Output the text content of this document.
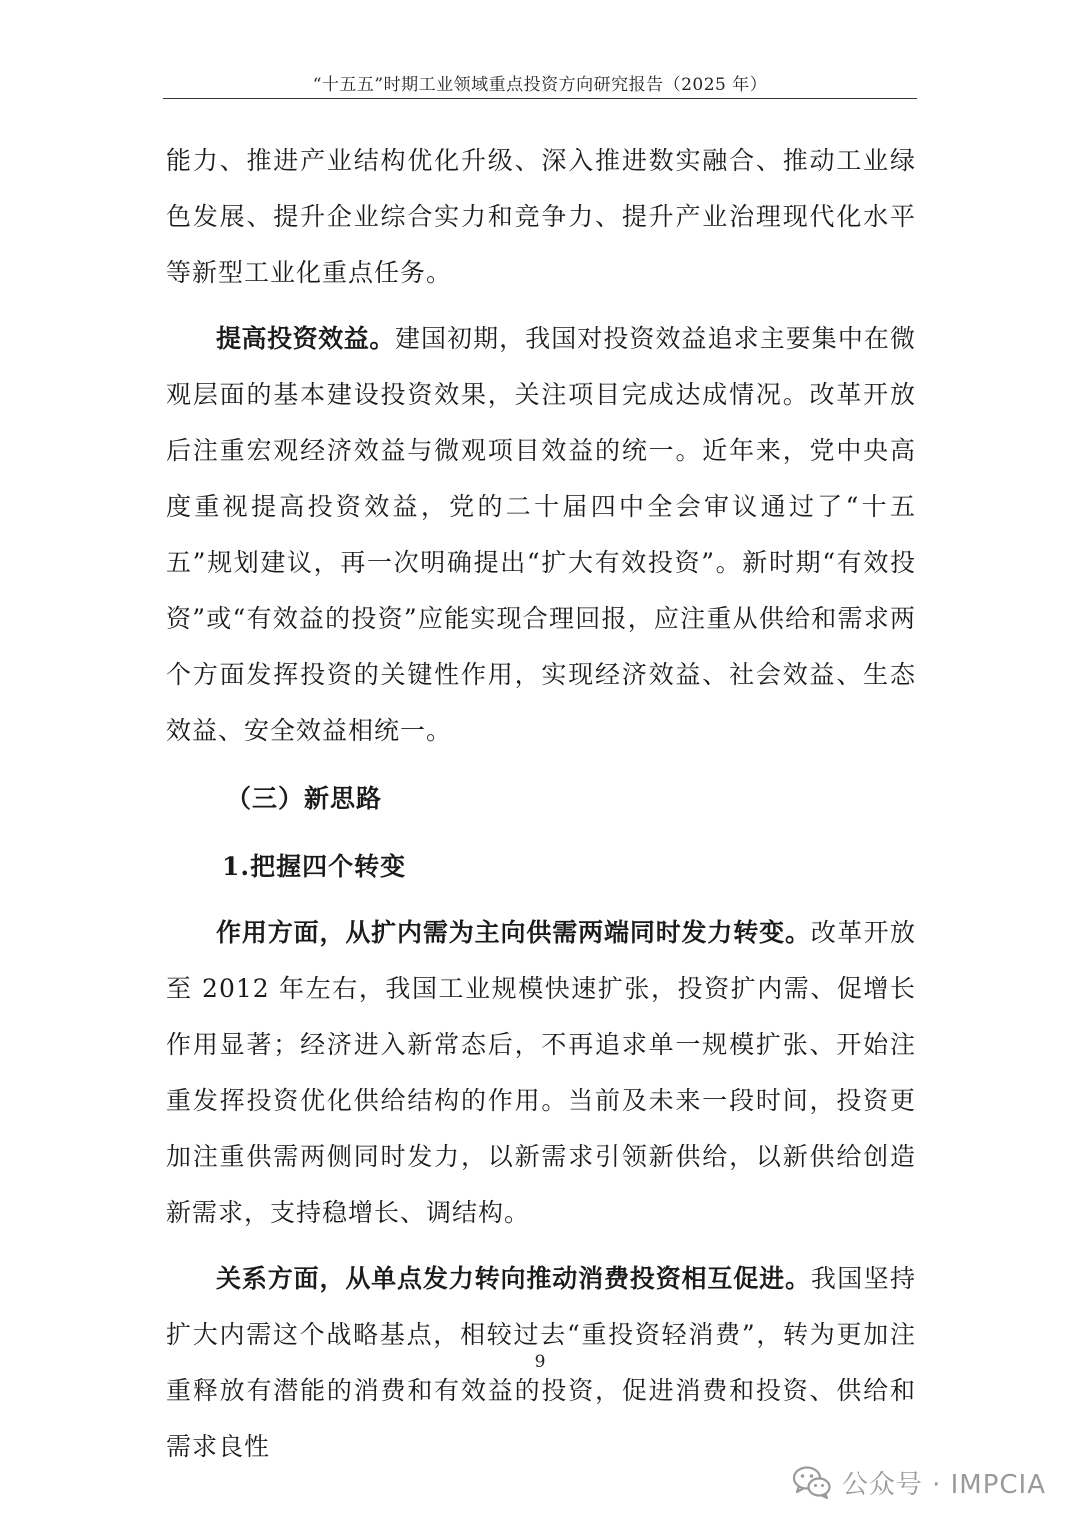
“十五五”时期工业领域重点投资方向研究报告（2025 年）

能力、推进产业结构优化升级、深入推进数实融合、推动工业绿色发展、提升企业综合实力和竞争力、提升产业治理现代化水平等新型工业化重点任务。

提高投资效益。建国初期，我国对投资效益追求主要集中在微观层面的基本建设投资效果，关注项目完成达成情况。改革开放后注重宏观经济效益与微观项目效益的统一。近年来，党中央高度重视提高投资效益，党的二十届四中全会审议通过了“十五五”规划建议，再一次明确提出“扩大有效投资”。新时期“有效投资”或“有效益的投资”应能实现合理回报，应注重从供给和需求两个方面发挥投资的关键性作用，实现经济效益、社会效益、生态效益、安全效益相统一。

（三）新思路
1.把握四个转变

作用方面，从扩内需为主向供需两端同时发力转变。改革开放至 2012 年左右，我国工业规模快速扩张，投资扩内需、促增长作用显著；经济进入新常态后，不再追求单一规模扩张、开始注重发挥投资优化供给结构的作用。当前及未来一段时间，投资更加注重供需两侧同时发力，以新需求引领新供给，以新供给创造新需求，支持稳增长、调结构。

关系方面，从单点发力转向推动消费投资相互促进。我国坚持扩大内需这个战略基点，相较过去“重投资轻消费”，转为更加注重释放有潜能的消费和有效益的投资，促进消费和投资、供给和需求良性

9
公众号 · IMPCIA
